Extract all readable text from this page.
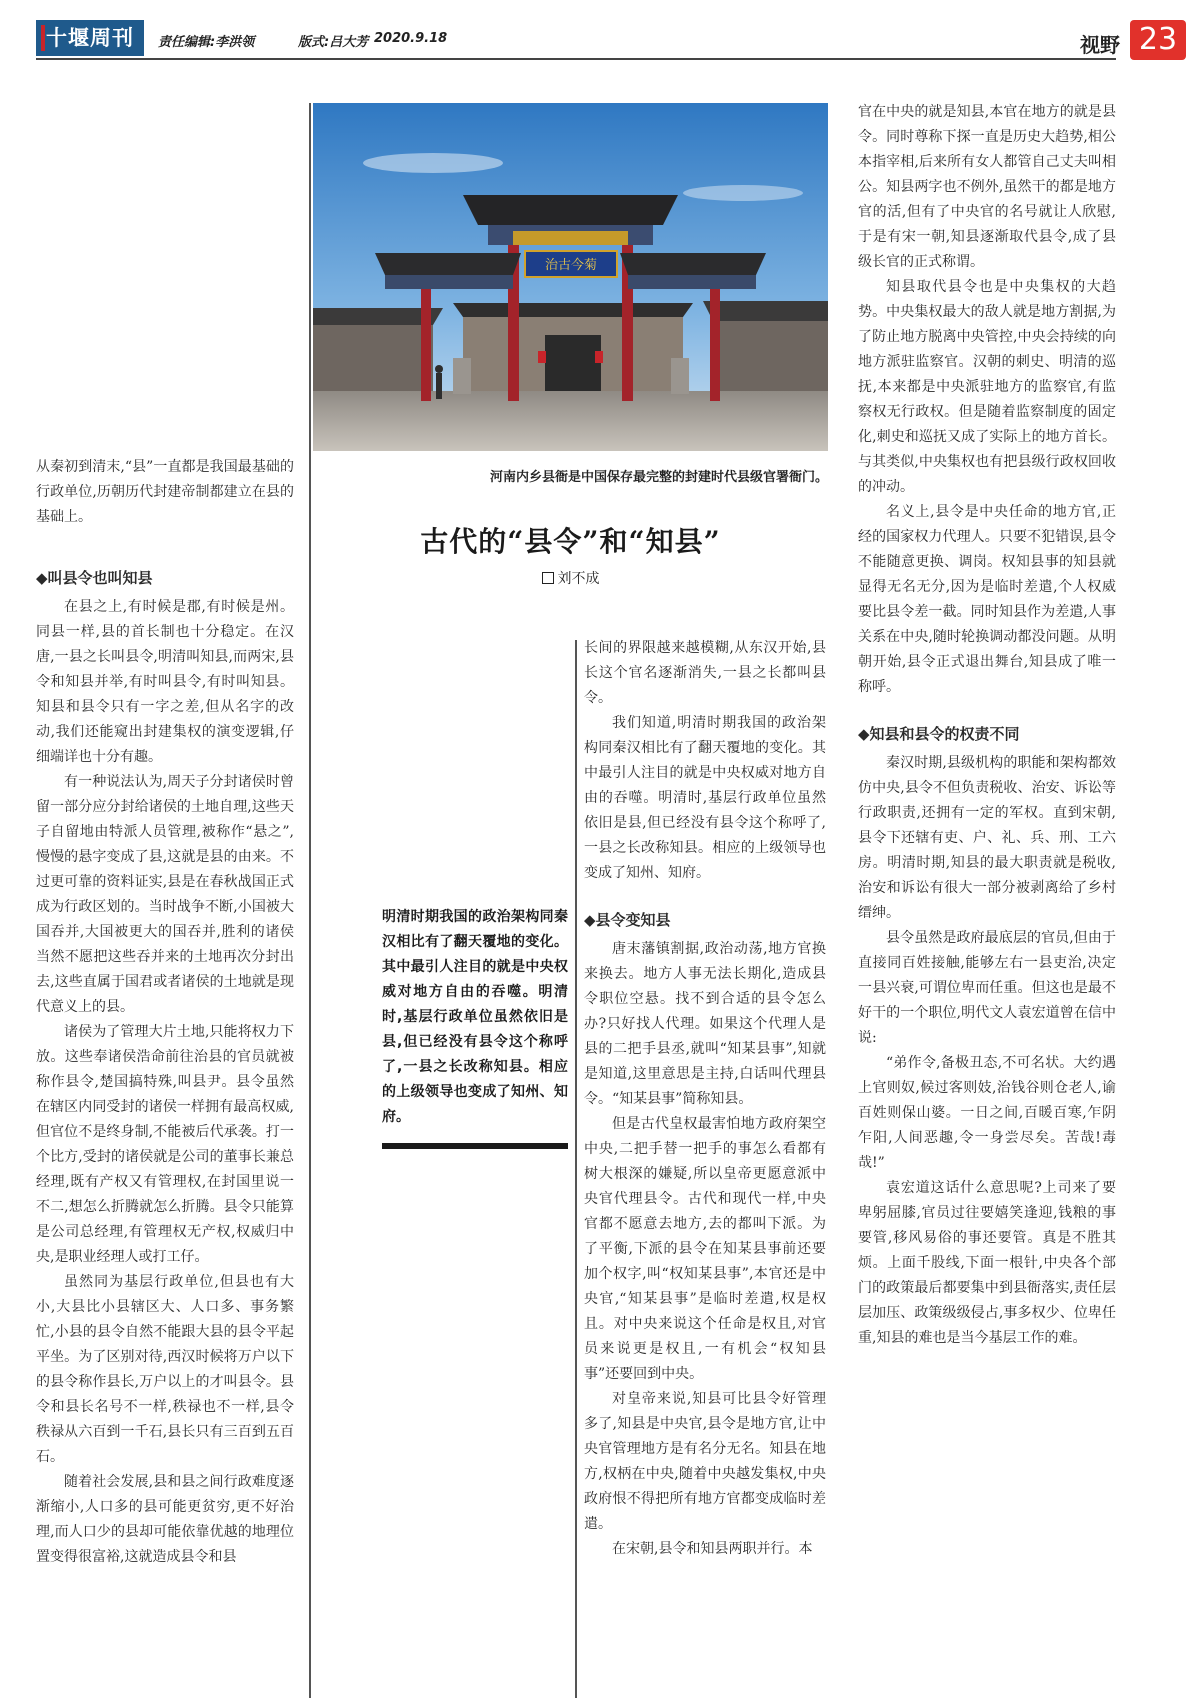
十堰周刊	责任编辑:李洪领	版式:吕大芳 2020.9.18	视野 23

从秦初到清末,“县”一直都是我国最基础的行政单位,历朝历代封建帝制都建立在县的基础上。

◆叫县令也叫知县

在县之上,有时候是郡,有时候是州。同县一样,县的首长制也十分稳定。在汉唐,一县之长叫县令,明清叫知县,而两宋,县令和知县并举,有时叫县令,有时叫知县。知县和县令只有一字之差,但从名字的改动,我们还能窥出封建集权的演变逻辑,仔细端详也十分有趣。

有一种说法认为,周天子分封诸侯时曾留一部分应分封给诸侯的土地自理,这些天子自留地由特派人员管理,被称作“悬之”,慢慢的悬字变成了县,这就是县的由来。不过更可靠的资料证实,县是在春秋战国正式成为行政区划的。当时战争不断,小国被大国吞并,大国被更大的国吞并,胜利的诸侯当然不愿把这些吞并来的土地再次分封出去,这些直属于国君或者诸侯的土地就是现代意义上的县。

诸侯为了管理大片土地,只能将权力下放。这些奉诸侯浩命前往治县的官员就被称作县令,楚国搞特殊,叫县尹。县令虽然在辖区内同受封的诸侯一样拥有最高权威,但官位不是终身制,不能被后代承袭。打一个比方,受封的诸侯就是公司的董事长兼总经理,既有产权又有管理权,在封国里说一不二,想怎么折腾就怎么折腾。县令只能算是公司总经理,有管理权无产权,权威归中央,是职业经理人或打工仔。

虽然同为基层行政单位,但县也有大小,大县比小县辖区大、人口多、事务繁忙,小县的县令自然不能跟大县的县令平起平坐。为了区别对待,西汉时候将万户以下的县令称作县长,万户以上的才叫县令。县令和县长名号不一样,秩禄也不一样,县令秩禄从六百到一千石,县长只有三百到五百石。

随着社会发展,县和县之间行政难度逐渐缩小,人口多的县可能更贫穷,更不好治理,而人口少的县却可能依靠优越的地理位置变得很富裕,这就造成县令和县

治古今菊
河南内乡县衙是中国保存最完整的封建时代县级官署衙门。
古代的“县令”和“知县”
刘不成
明清时期我国的政治架构同秦汉相比有了翻天覆地的变化。其中最引人注目的就是中央权威对地方自由的吞噬。明清时,基层行政单位虽然依旧是县,但已经没有县令这个称呼了,一县之长改称知县。相应的上级领导也变成了知州、知府。

长间的界限越来越模糊,从东汉开始,县长这个官名逐渐消失,一县之长都叫县令。

我们知道,明清时期我国的政治架构同秦汉相比有了翻天覆地的变化。其中最引人注目的就是中央权威对地方自由的吞噬。明清时,基层行政单位虽然依旧是县,但已经没有县令这个称呼了,一县之长改称知县。相应的上级领导也变成了知州、知府。

◆县令变知县

唐末藩镇割据,政治动荡,地方官换来换去。地方人事无法长期化,造成县令职位空悬。找不到合适的县令怎么办?只好找人代理。如果这个代理人是县的二把手县丞,就叫“知某县事”,知就是知道,这里意思是主持,白话叫代理县令。“知某县事”简称知县。

但是古代皇权最害怕地方政府架空中央,二把手替一把手的事怎么看都有树大根深的嫌疑,所以皇帝更愿意派中央官代理县令。古代和现代一样,中央官都不愿意去地方,去的都叫下派。为了平衡,下派的县令在知某县事前还要加个权字,叫“权知某县事”,本官还是中央官,“知某县事”是临时差遣,权是权且。对中央来说这个任命是权且,对官员来说更是权且,一有机会“权知县事”还要回到中央。

对皇帝来说,知县可比县令好管理多了,知县是中央官,县令是地方官,让中央官管理地方是有名分无名。知县在地方,权柄在中央,随着中央越发集权,中央政府恨不得把所有地方官都变成临时差遣。

在宋朝,县令和知县两职并行。本

官在中央的就是知县,本官在地方的就是县令。同时尊称下探一直是历史大趋势,相公本指宰相,后来所有女人都管自己丈夫叫相公。知县两字也不例外,虽然干的都是地方官的活,但有了中央官的名号就让人欣慰,于是有宋一朝,知县逐渐取代县令,成了县级长官的正式称谓。

知县取代县令也是中央集权的大趋势。中央集权最大的敌人就是地方割据,为了防止地方脱离中央管控,中央会持续的向地方派驻监察官。汉朝的刺史、明清的巡抚,本来都是中央派驻地方的监察官,有监察权无行政权。但是随着监察制度的固定化,刺史和巡抚又成了实际上的地方首长。与其类似,中央集权也有把县级行政权回收的冲动。

名义上,县令是中央任命的地方官,正经的国家权力代理人。只要不犯错误,县令不能随意更换、调岗。权知县事的知县就显得无名无分,因为是临时差遣,个人权威要比县令差一截。同时知县作为差遣,人事关系在中央,随时轮换调动都没问题。从明朝开始,县令正式退出舞台,知县成了唯一称呼。

◆知县和县令的权责不同

秦汉时期,县级机构的职能和架构都效仿中央,县令不但负责税收、治安、诉讼等行政职责,还拥有一定的军权。直到宋朝,县令下还辖有吏、户、礼、兵、刑、工六房。明清时期,知县的最大职责就是税收,治安和诉讼有很大一部分被剥离给了乡村缙绅。

县令虽然是政府最底层的官员,但由于直接同百姓接触,能够左右一县吏治,决定一县兴衰,可谓位卑而任重。但这也是最不好干的一个职位,明代文人袁宏道曾在信中说:

“弟作令,备极丑态,不可名状。大约遇上官则奴,候过客则妓,治钱谷则仓老人,谕百姓则保山婆。一日之间,百暖百寒,乍阴乍阳,人间恶趣,令一身尝尽矣。苦哉!毒哉!”

袁宏道这话什么意思呢?上司来了要卑躬屈膝,官员过往要嬉笑逢迎,钱粮的事要管,移风易俗的事还要管。真是不胜其烦。上面千股线,下面一根针,中央各个部门的政策最后都要集中到县衙落实,责任层层加压、政策级级侵占,事多权少、位卑任重,知县的难也是当今基层工作的难。
